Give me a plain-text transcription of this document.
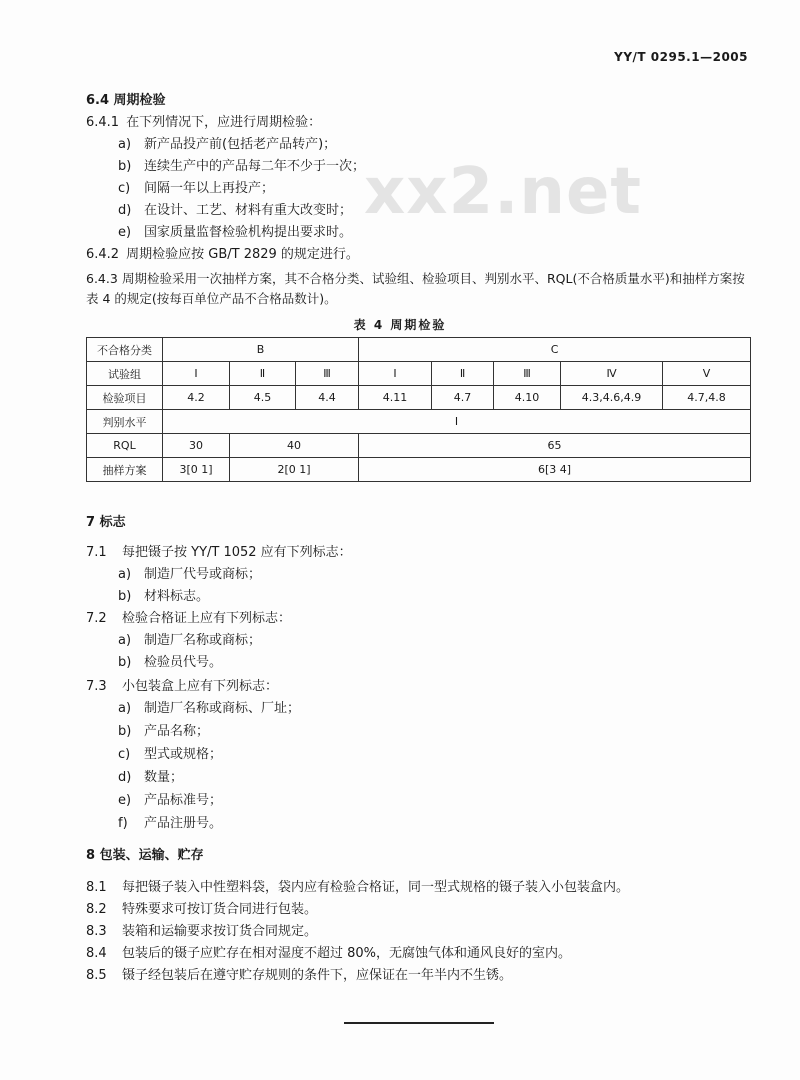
YY/T 0295.1—2005
xx2.net
6.4 周期检验
6.4.1 在下列情况下，应进行周期检验：
a) 新产品投产前(包括老产品转产)；
b) 连续生产中的产品每二年不少于一次；
c) 间隔一年以上再投产；
d) 在设计、工艺、材料有重大改变时；
e) 国家质量监督检验机构提出要求时。
6.4.2 周期检验应按 GB/T 2829 的规定进行。
6.4.3 周期检验采用一次抽样方案，其不合格分类、试验组、检验项目、判别水平、RQL(不合格质量水平)和抽样方案按表 4 的规定(按每百单位产品不合格品数计)。
表 4 周期检验
不合格分类	B			C				
试验组	Ⅰ	Ⅱ	Ⅲ	Ⅰ	Ⅱ	Ⅲ	Ⅳ	Ⅴ
检验项目	4.2	4.5	4.4	4.11	4.7	4.10	4.3,4.6,4.9	4.7,4.8
判别水平	Ⅰ							
RQL	30	40		65				
抽样方案	3[0 1]	2[0 1]		6[3 4]				
7 标志
7.1 每把镊子按 YY/T 1052 应有下列标志：
a) 制造厂代号或商标；
b) 材料标志。
7.2 检验合格证上应有下列标志：
a) 制造厂名称或商标；
b) 检验员代号。
7.3 小包装盒上应有下列标志：
a) 制造厂名称或商标、厂址；
b) 产品名称；
c) 型式或规格；
d) 数量；
e) 产品标准号；
f) 产品注册号。
8 包装、运输、贮存
8.1 每把镊子装入中性塑料袋，袋内应有检验合格证，同一型式规格的镊子装入小包装盒内。
8.2 特殊要求可按订货合同进行包装。
8.3 装箱和运输要求按订货合同规定。
8.4 包装后的镊子应贮存在相对湿度不超过 80%，无腐蚀气体和通风良好的室内。
8.5 镊子经包装后在遵守贮存规则的条件下，应保证在一年半内不生锈。
